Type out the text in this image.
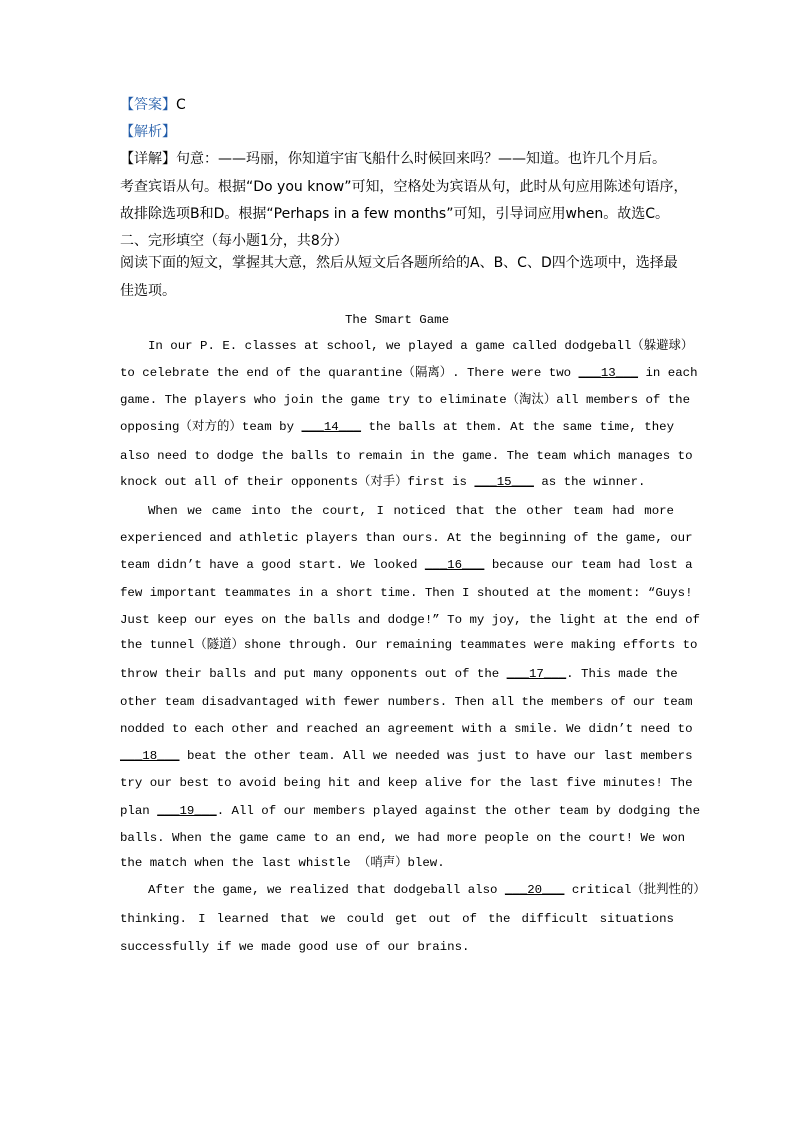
【答案】C
【解析】
【详解】句意：——玛丽，你知道宇宙飞船什么时候回来吗？——知道。也许几个月后。
考查宾语从句。根据“Do you know”可知，空格处为宾语从句，此时从句应用陈述句语序，
故排除选项B和D。根据“Perhaps in a few months”可知，引导词应用when。故选C。
二、完形填空（每小题1分，共8分）
阅读下面的短文，掌握其大意，然后从短文后各题所给的A、B、C、D四个选项中，选择最
佳选项。
The Smart Game
In our P. E. classes at school, we played a game called dodgeball（躲避球）
to celebrate the end of the quarantine（隔离）. There were two ___13___ in each
game. The players who join the game try to eliminate（淘汰）all members of the
opposing（对方的）team by ___14___ the balls at them. At the same time, they
also need to dodge the balls to remain in the game. The team which manages to
knock out all of their opponents（对手）first is ___15___ as the winner.
When we came into the court, I noticed that the other team had more
experienced and athletic players than ours. At the beginning of the game, our
team didn’t have a good start. We looked ___16___ because our team had lost a
few important teammates in a short time. Then I shouted at the moment: “Guys!
Just keep our eyes on the balls and dodge!” To my joy, the light at the end of
the tunnel（隧道）shone through. Our remaining teammates were making efforts to
throw their balls and put many opponents out of the ___17___. This made the
other team disadvantaged with fewer numbers. Then all the members of our team
nodded to each other and reached an agreement with a smile. We didn’t need to
___18___ beat the other team. All we needed was just to have our last members
try our best to avoid being hit and keep alive for the last five minutes! The
plan ___19___. All of our members played against the other team by dodging the
balls. When the game came to an end, we had more people on the court! We won
the match when the last whistle （哨声）blew.
After the game, we realized that dodgeball also ___20___ critical（批判性的）
thinking. I learned that we could get out of the difficult situations
successfully if we made good use of our brains.
